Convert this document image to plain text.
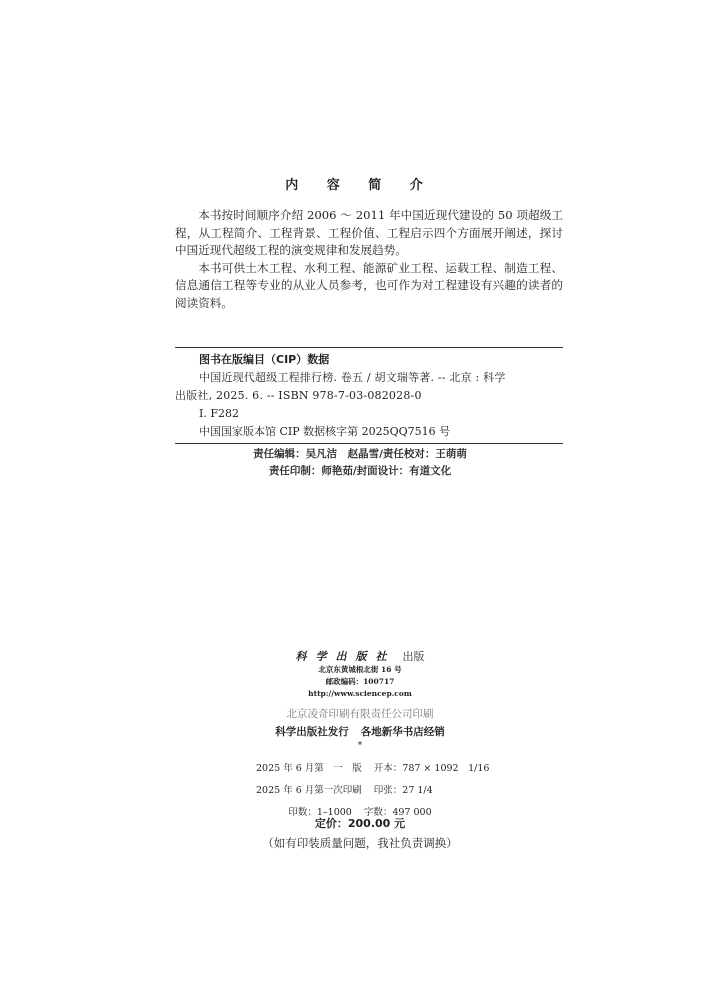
内 容 简 介

本书按时间顺序介绍 2006 ～ 2011 年中国近现代建设的 50 项超级工程，从工程简介、工程背景、工程价值、工程启示四个方面展开阐述，探讨中国近现代超级工程的演变规律和发展趋势。

本书可供土木工程、水利工程、能源矿业工程、运载工程、制造工程、信息通信工程等专业的从业人员参考，也可作为对工程建设有兴趣的读者的阅读资料。

图书在版编目（CIP）数据
中国近现代超级工程排行榜. 卷五 / 胡文瑞等著. -- 北京 : 科学
出版社, 2025. 6. -- ISBN 978-7-03-082028-0
Ⅰ. F282
中国国家版本馆 CIP 数据核字第 2025QQ7516 号
责任编辑：吴凡洁　赵晶雪/责任校对：王萌萌
责任印制：师艳茹/封面设计：有道文化
科学出版社 出版
北京东黄城根北街 16 号
邮政编码：100717
http://www.sciencep.com
北京凌奇印刷有限责任公司印刷
科学出版社发行 各地新华书店经销
*
2025 年 6 月第　一　版 开本：787 × 1092　1/16
2025 年 6 月第一次印刷 印张：27 1/4
印数：1–1000 字数：497 000
定价：200.00 元
（如有印装质量问题，我社负责调换）
